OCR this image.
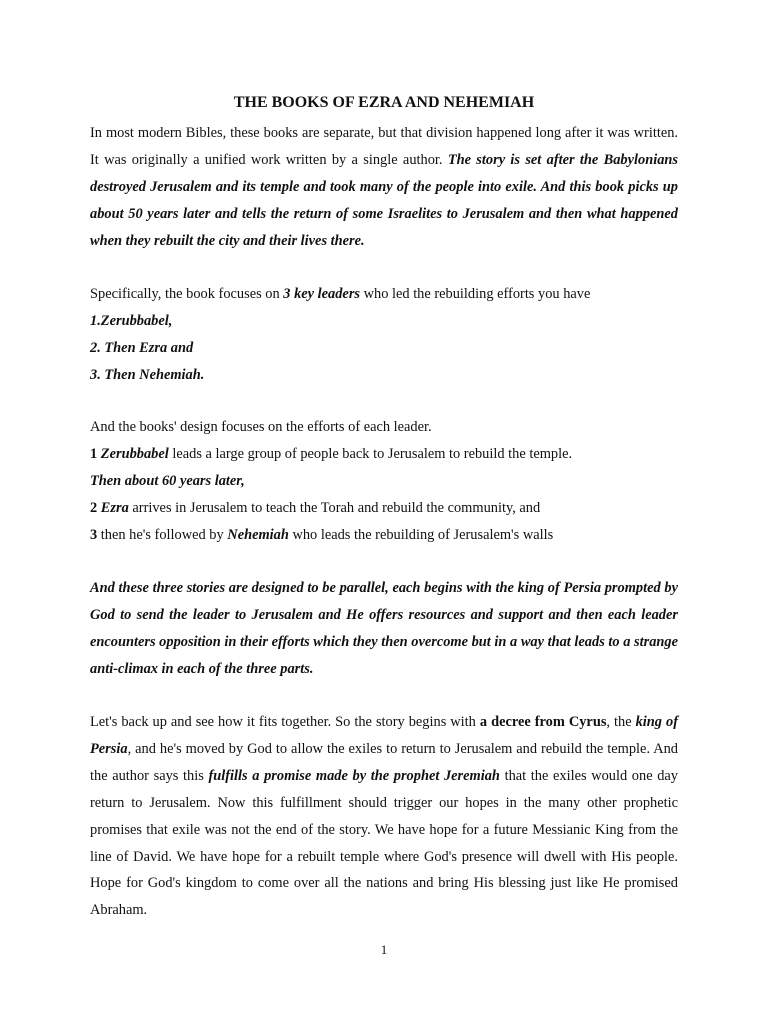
THE BOOKS OF EZRA AND NEHEMIAH
In most modern Bibles, these books are separate, but that division happened long after it was written. It was originally a unified work written by a single author. The story is set after the Babylonians destroyed Jerusalem and its temple and took many of the people into exile. And this book picks up about 50 years later and tells the return of some Israelites to Jerusalem and then what happened when they rebuilt the city and their lives there.
Specifically, the book focuses on 3 key leaders who led the rebuilding efforts you have
1.Zerubbabel,
2. Then Ezra and
3. Then Nehemiah.
And the books' design focuses on the efforts of each leader.
1 Zerubbabel leads a large group of people back to Jerusalem to rebuild the temple.
Then about 60 years later,
2 Ezra arrives in Jerusalem to teach the Torah and rebuild the community, and
3 then he's followed by Nehemiah who leads the rebuilding of Jerusalem's walls
And these three stories are designed to be parallel, each begins with the king of Persia prompted by God to send the leader to Jerusalem and He offers resources and support and then each leader encounters opposition in their efforts which they then overcome but in a way that leads to a strange anti-climax in each of the three parts.
Let's back up and see how it fits together. So the story begins with a decree from Cyrus, the king of Persia, and he's moved by God to allow the exiles to return to Jerusalem and rebuild the temple. And the author says this fulfills a promise made by the prophet Jeremiah that the exiles would one day return to Jerusalem. Now this fulfillment should trigger our hopes in the many other prophetic promises that exile was not the end of the story. We have hope for a future Messianic King from the line of David. We have hope for a rebuilt temple where God's presence will dwell with His people. Hope for God's kingdom to come over all the nations and bring His blessing just like He promised Abraham.
1
